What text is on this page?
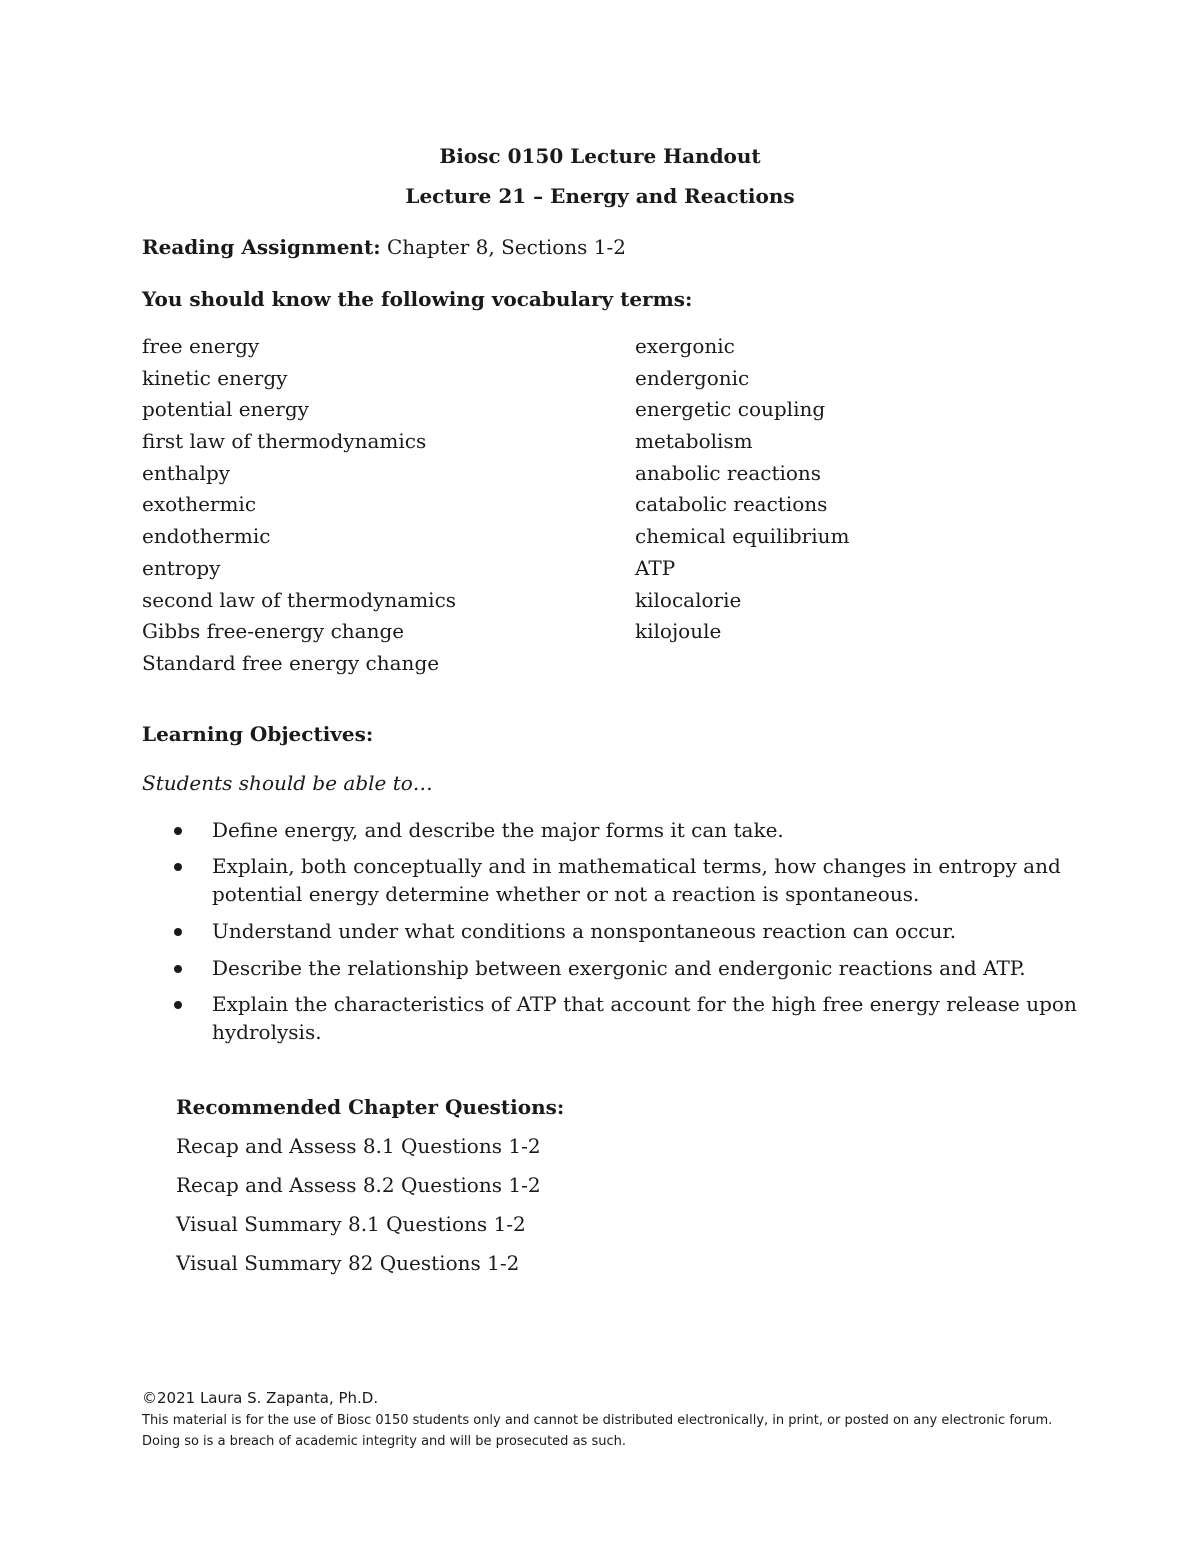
Biosc 0150 Lecture Handout
Lecture 21 – Energy and Reactions
Reading Assignment: Chapter 8, Sections 1-2
You should know the following vocabulary terms:
free energy
kinetic energy
potential energy
first law of thermodynamics
enthalpy
exothermic
endothermic
entropy
second law of thermodynamics
Gibbs free-energy change
Standard free energy change
exergonic
endergonic
energetic coupling
metabolism
anabolic reactions
catabolic reactions
chemical equilibrium
ATP
kilocalorie
kilojoule
Learning Objectives:
Students should be able to…
Define energy, and describe the major forms it can take.
Explain, both conceptually and in mathematical terms, how changes in entropy and potential energy determine whether or not a reaction is spontaneous.
Understand under what conditions a nonspontaneous reaction can occur.
Describe the relationship between exergonic and endergonic reactions and ATP.
Explain the characteristics of ATP that account for the high free energy release upon hydrolysis.
Recommended Chapter Questions:
Recap and Assess 8.1 Questions 1-2
Recap and Assess 8.2 Questions 1-2
Visual Summary 8.1 Questions 1-2
Visual Summary 82 Questions 1-2
©2021 Laura S. Zapanta, Ph.D.
This material is for the use of Biosc 0150 students only and cannot be distributed electronically, in print, or posted on any electronic forum. Doing so is a breach of academic integrity and will be prosecuted as such.
